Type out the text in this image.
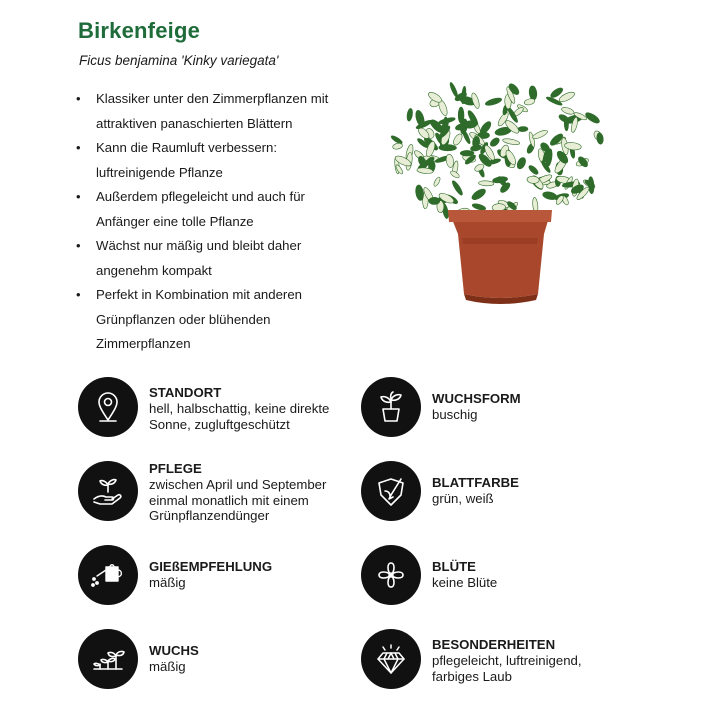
Birkenfeige
Ficus benjamina 'Kinky variegata'
• Klassiker unter den Zimmerpflanzen mit attraktiven panaschierten Blättern
• Kann die Raumluft verbessern: luftreinigende Pflanze
• Außerdem pflegeleicht und auch für Anfänger eine tolle Pflanze
• Wächst nur mäßig und bleibt daher angenehm kompakt
• Perfekt in Kombination mit anderen Grünpflanzen oder blühenden Zimmerpflanzen
STANDORT
hell, halbschattig, keine direkte
Sonne, zugluftgeschützt
WUCHSFORM
buschig
PFLEGE
zwischen April und September
einmal monatlich mit einem
Grünpflanzendünger
BLATTFARBE
grün, weiß
GIEßEMPFEHLUNG
mäßig
BLÜTE
keine Blüte
WUCHS
mäßig
BESONDERHEITEN
pflegeleicht, luftreinigend,
farbiges Laub
